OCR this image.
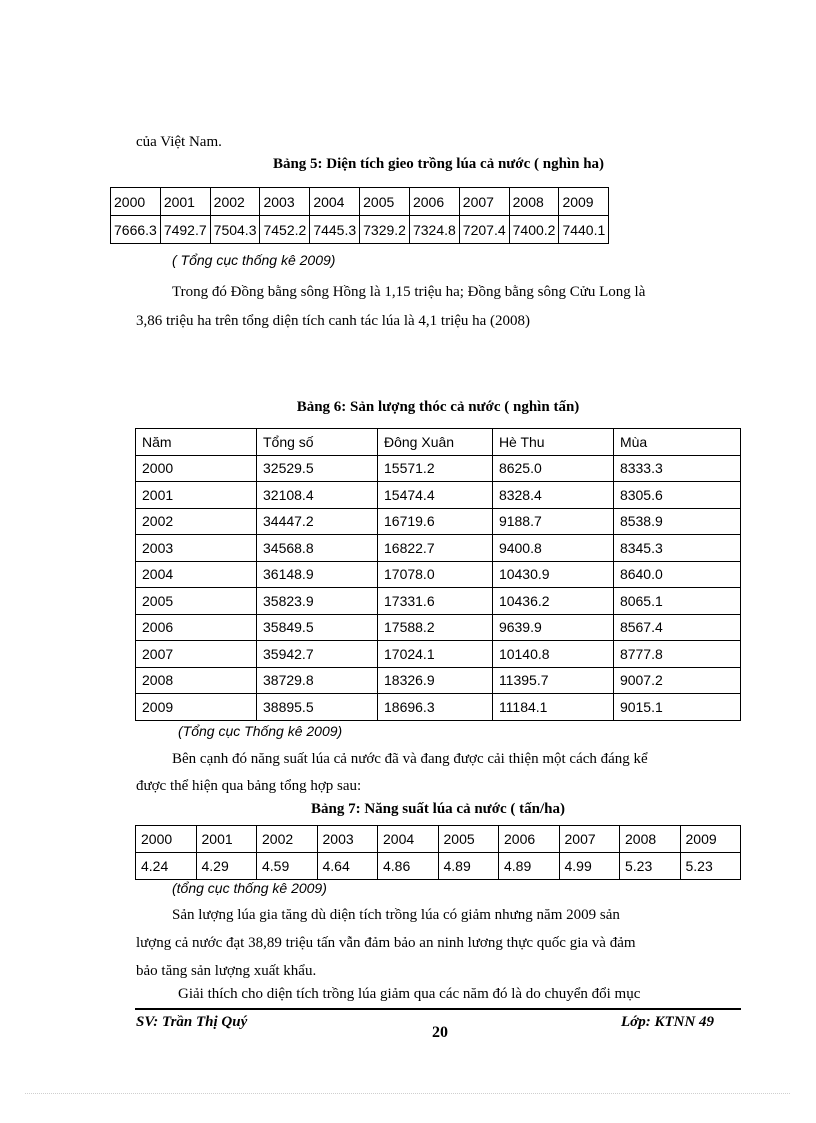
của Việt Nam.
Bảng 5: Diện tích gieo trồng lúa cả nước ( nghìn ha)
2000	2001	2002	2003	2004	2005	2006	2007	2008	2009
7666.3	7492.7	7504.3	7452.2	7445.3	7329.2	7324.8	7207.4	7400.2	7440.1
( Tổng cục thống kê 2009)
Trong đó Đồng bằng sông Hồng là 1,15 triệu ha; Đồng bằng sông Cửu Long là
3,86 triệu ha trên tổng diện tích canh tác lúa là 4,1 triệu ha (2008)
Bảng 6: Sản lượng thóc cả nước ( nghìn tấn)
Năm	Tổng số	Đông Xuân	Hè Thu	Mùa
2000	32529.5	15571.2	8625.0	8333.3
2001	32108.4	15474.4	8328.4	8305.6
2002	34447.2	16719.6	9188.7	8538.9
2003	34568.8	16822.7	9400.8	8345.3
2004	36148.9	17078.0	10430.9	8640.0
2005	35823.9	17331.6	10436.2	8065.1
2006	35849.5	17588.2	9639.9	8567.4
2007	35942.7	17024.1	10140.8	8777.8
2008	38729.8	18326.9	11395.7	9007.2
2009	38895.5	18696.3	11184.1	9015.1
(Tổng cục Thống kê 2009)
Bên cạnh đó năng suất lúa cả nước đã và đang được cải thiện một cách đáng kể
được thể hiện qua bảng tổng hợp sau:
Bảng 7: Năng suất lúa cả nước ( tấn/ha)
2000	2001	2002	2003	2004	2005	2006	2007	2008	2009
4.24	4.29	4.59	4.64	4.86	4.89	4.89	4.99	5.23	5.23
(tổng cục thống kê 2009)
Sản lượng lúa gia tăng dù diện tích trồng lúa có giảm nhưng năm 2009 sản
lượng cả nước đạt 38,89 triệu tấn vẫn đảm bảo an ninh lương thực quốc gia và đảm
bảo tăng sản lượng xuất khẩu.
Giải thích cho diện tích trồng lúa giảm qua các năm đó là do chuyển đổi mục
SV: Trần Thị Quý
20
Lớp: KTNN 49
